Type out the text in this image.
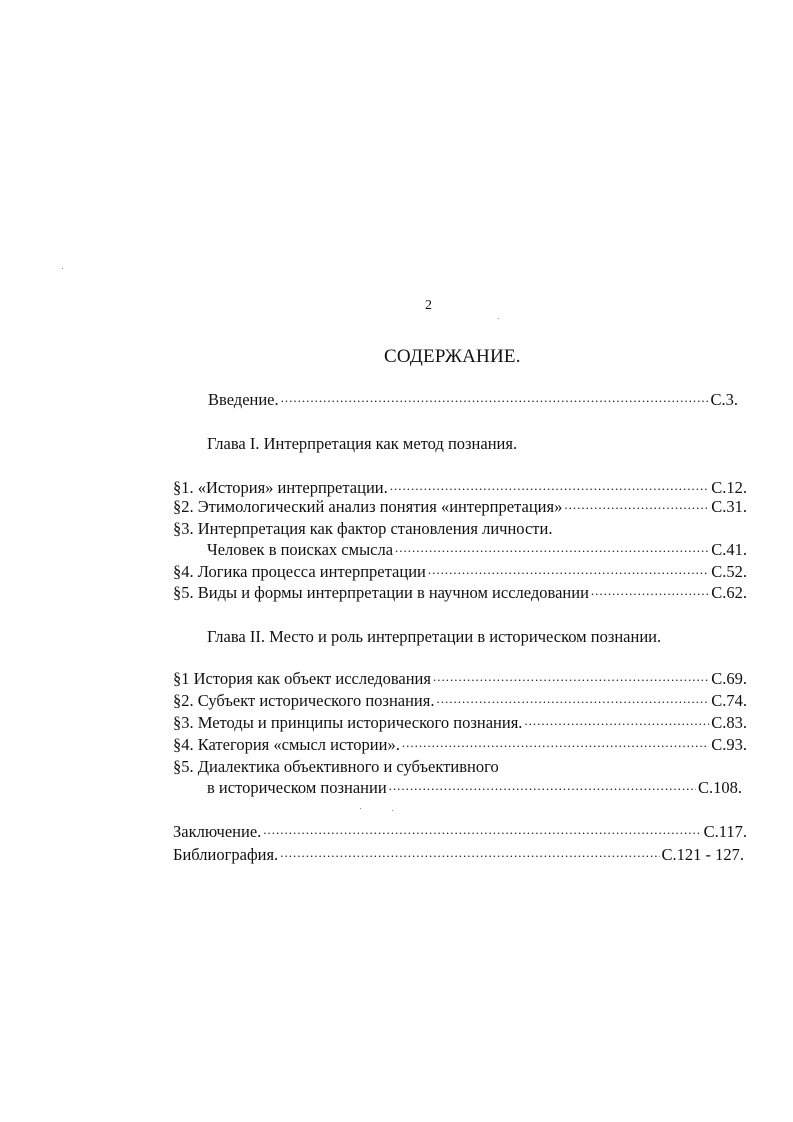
2
СОДЕРЖАНИЕ.
Введение. .....	С.3.
Глава I. Интерпретация как метод познания.
§1. «История» интерпретации. .....	С.12.
§2. Этимологический анализ понятия «интерпретация» .....	С.31.
§3. Интерпретация как фактор становления личности.
Человек в поисках смысла .....	С.41.
§4. Логика процесса интерпретации .....	С.52.
§5. Виды и формы интерпретации в научном исследовании .....	С.62.
Глава II. Место и роль интерпретации в историческом познании.
§1 История как объект исследования .....	С.69.
§2. Субъект исторического познания. .....	С.74.
§3. Методы и принципы исторического познания. .....	С.83.
§4. Категория «смысл истории». .....	С.93.
§5. Диалектика объективного и субъективного
в историческом познании .....	С.108.
Заключение. .....	С.117.
Библиография. .....	С.121 - 127.
